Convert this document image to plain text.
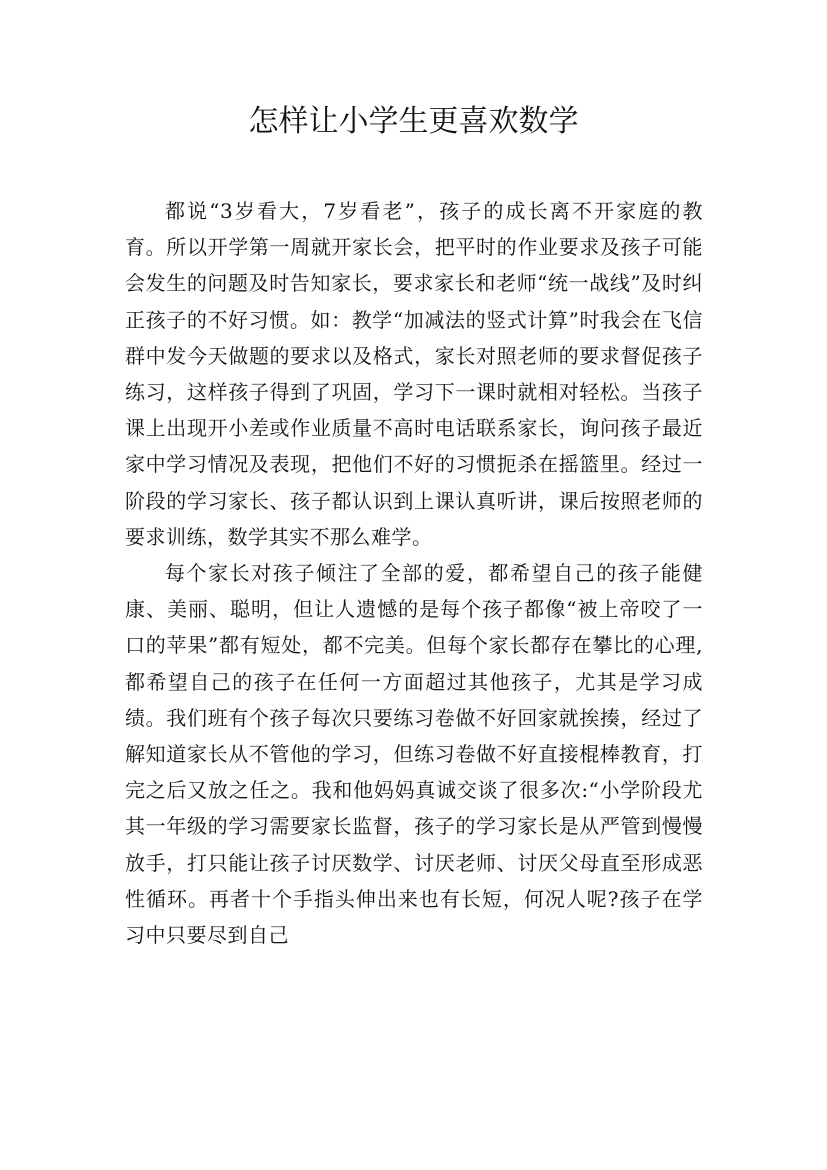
怎样让小学生更喜欢数学

都说“3岁看大，7岁看老”，孩子的成长离不开家庭的教育。所以开学第一周就开家长会，把平时的作业要求及孩子可能会发生的问题及时告知家长，要求家长和老师“统一战线”及时纠正孩子的不好习惯。如：教学“加减法的竖式计算”时我会在飞信群中发今天做题的要求以及格式，家长对照老师的要求督促孩子练习，这样孩子得到了巩固，学习下一课时就相对轻松。当孩子课上出现开小差或作业质量不高时电话联系家长，询问孩子最近家中学习情况及表现，把他们不好的习惯扼杀在摇篮里。经过一阶段的学习家长、孩子都认识到上课认真听讲，课后按照老师的要求训练，数学其实不那么难学。

每个家长对孩子倾注了全部的爱，都希望自己的孩子能健康、美丽、聪明，但让人遗憾的是每个孩子都像“被上帝咬了一口的苹果”都有短处，都不完美。但每个家长都存在攀比的心理,都希望自己的孩子在任何一方面超过其他孩子，尤其是学习成绩。我们班有个孩子每次只要练习卷做不好回家就挨揍，经过了解知道家长从不管他的学习，但练习卷做不好直接棍棒教育，打完之后又放之任之。我和他妈妈真诚交谈了很多次:“小学阶段尤其一年级的学习需要家长监督，孩子的学习家长是从严管到慢慢放手，打只能让孩子讨厌数学、讨厌老师、讨厌父母直至形成恶性循环。再者十个手指头伸出来也有长短，何况人呢?孩子在学习中只要尽到自己
